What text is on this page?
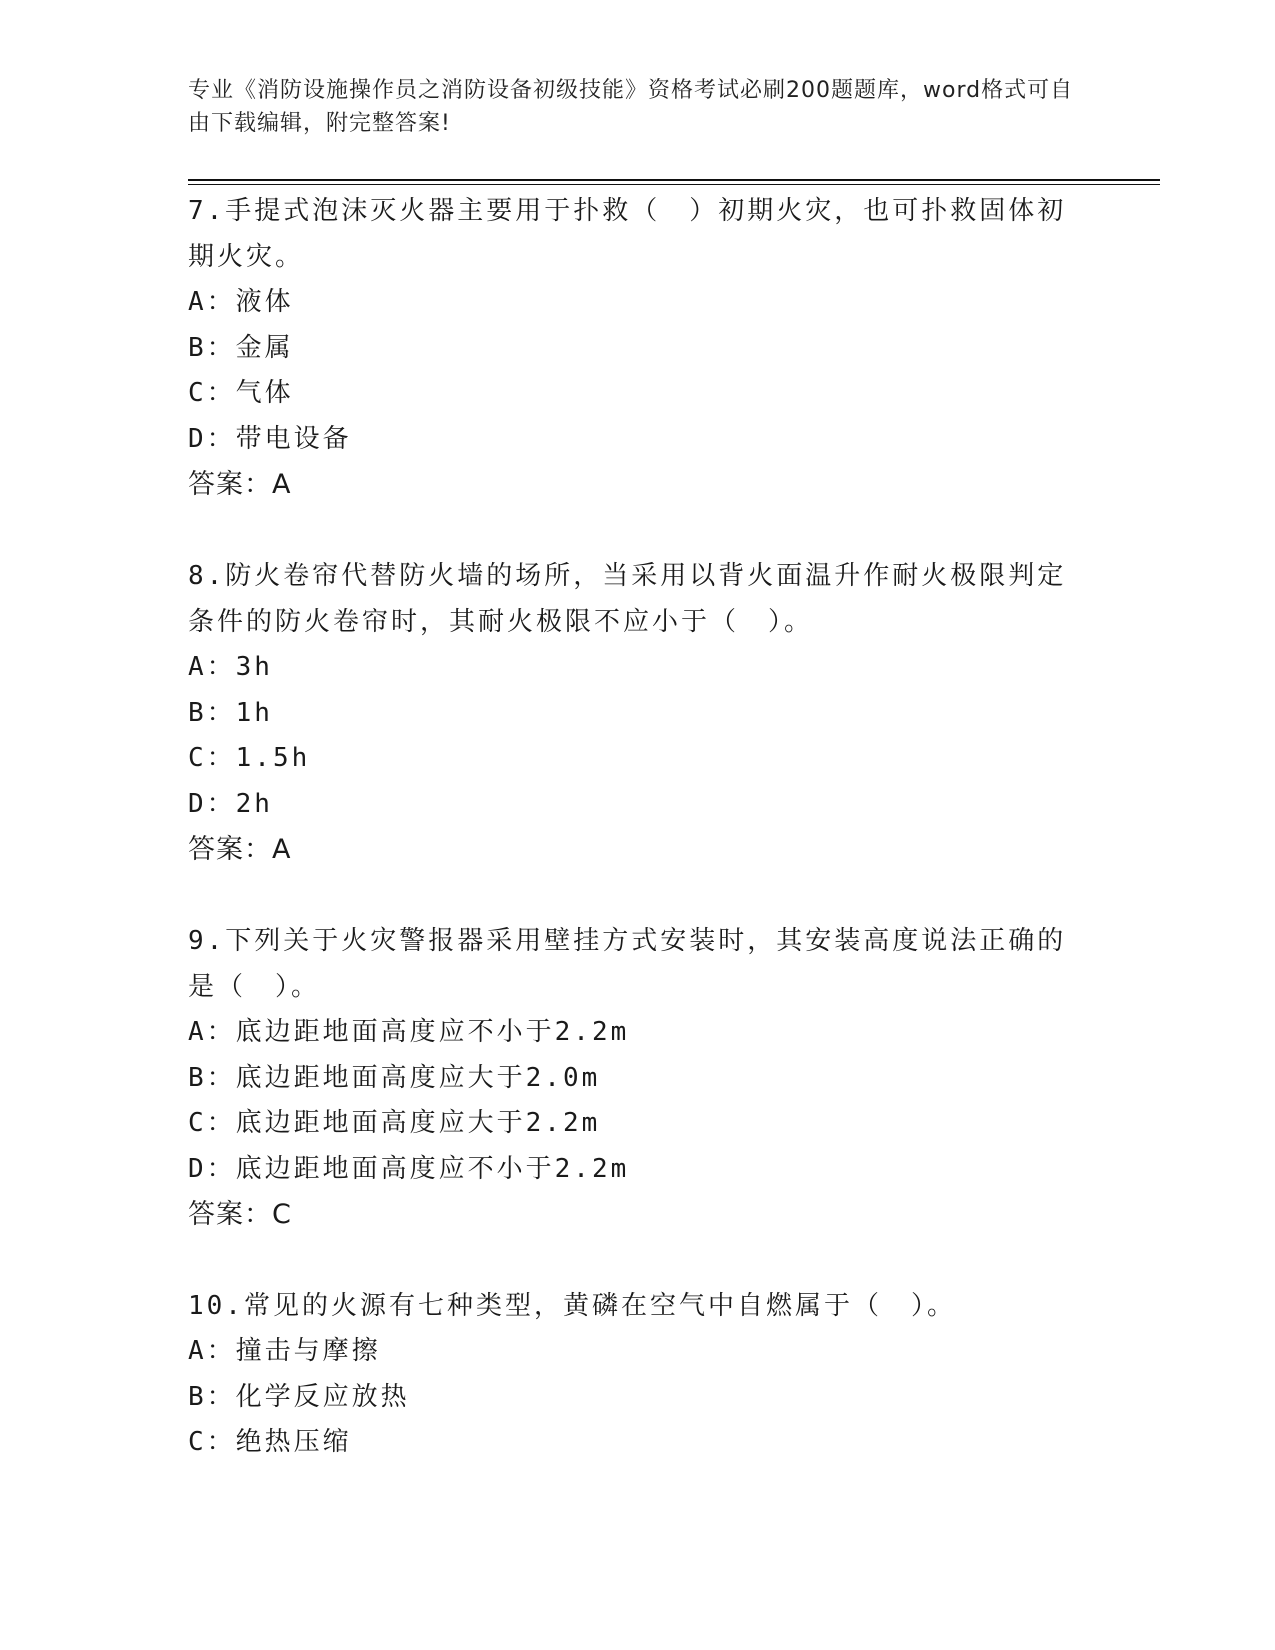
专业《消防设施操作员之消防设备初级技能》资格考试必刷200题题库，word格式可自由下载编辑，附完整答案!
7.手提式泡沫灭火器主要用于扑救（　）初期火灾，也可扑救固体初期火灾。
A：液体
B：金属
C：气体
D：带电设备
答案：A
8.防火卷帘代替防火墙的场所，当采用以背火面温升作耐火极限判定条件的防火卷帘时，其耐火极限不应小于（　）。
A：3h
B：1h
C：1.5h
D：2h
答案：A
9.下列关于火灾警报器采用壁挂方式安装时，其安装高度说法正确的是（　）。
A：底边距地面高度应不小于2.2m
B：底边距地面高度应大于2.0m
C：底边距地面高度应大于2.2m
D：底边距地面高度应不小于2.2m
答案：C
10.常见的火源有七种类型，黄磷在空气中自燃属于（　）。
A：撞击与摩擦
B：化学反应放热
C：绝热压缩
